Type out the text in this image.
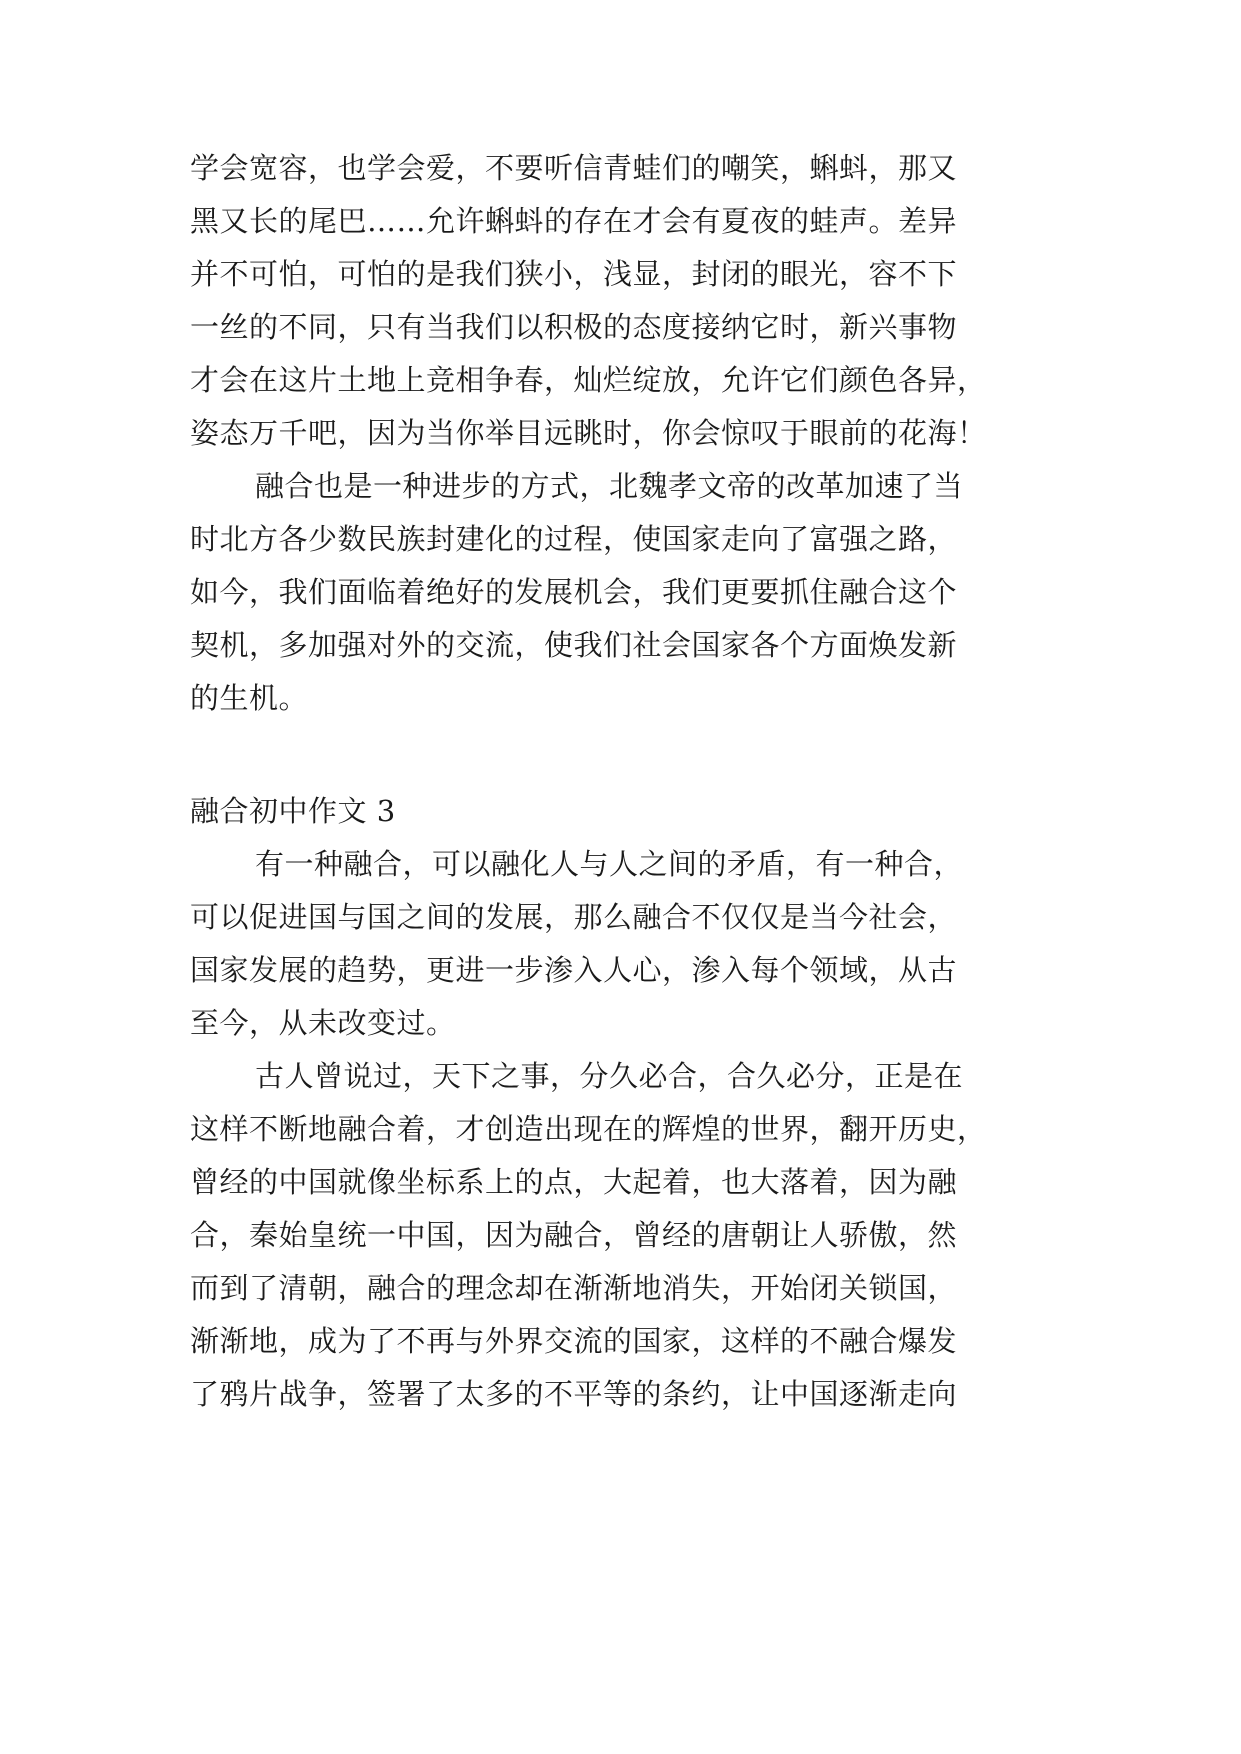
学会宽容，也学会爱，不要听信青蛙们的嘲笑，蝌蚪，那又
黑又长的尾巴……允许蝌蚪的存在才会有夏夜的蛙声。差异
并不可怕，可怕的是我们狭小，浅显，封闭的眼光，容不下
一丝的不同，只有当我们以积极的态度接纳它时，新兴事物
才会在这片土地上竞相争春，灿烂绽放，允许它们颜色各异，
姿态万千吧，因为当你举目远眺时，你会惊叹于眼前的花海！
融合也是一种进步的方式，北魏孝文帝的改革加速了当
时北方各少数民族封建化的过程，使国家走向了富强之路，
如今，我们面临着绝好的发展机会，我们更要抓住融合这个
契机，多加强对外的交流，使我们社会国家各个方面焕发新
的生机。
融合初中作文 3
有一种融合，可以融化人与人之间的矛盾，有一种合，
可以促进国与国之间的发展，那么融合不仅仅是当今社会，
国家发展的趋势，更进一步渗入人心，渗入每个领域，从古
至今，从未改变过。
古人曾说过，天下之事，分久必合，合久必分，正是在
这样不断地融合着，才创造出现在的辉煌的世界，翻开历史，
曾经的中国就像坐标系上的点，大起着，也大落着，因为融
合，秦始皇统一中国，因为融合，曾经的唐朝让人骄傲，然
而到了清朝，融合的理念却在渐渐地消失，开始闭关锁国，
渐渐地，成为了不再与外界交流的国家，这样的不融合爆发
了鸦片战争，签署了太多的不平等的条约，让中国逐渐走向
